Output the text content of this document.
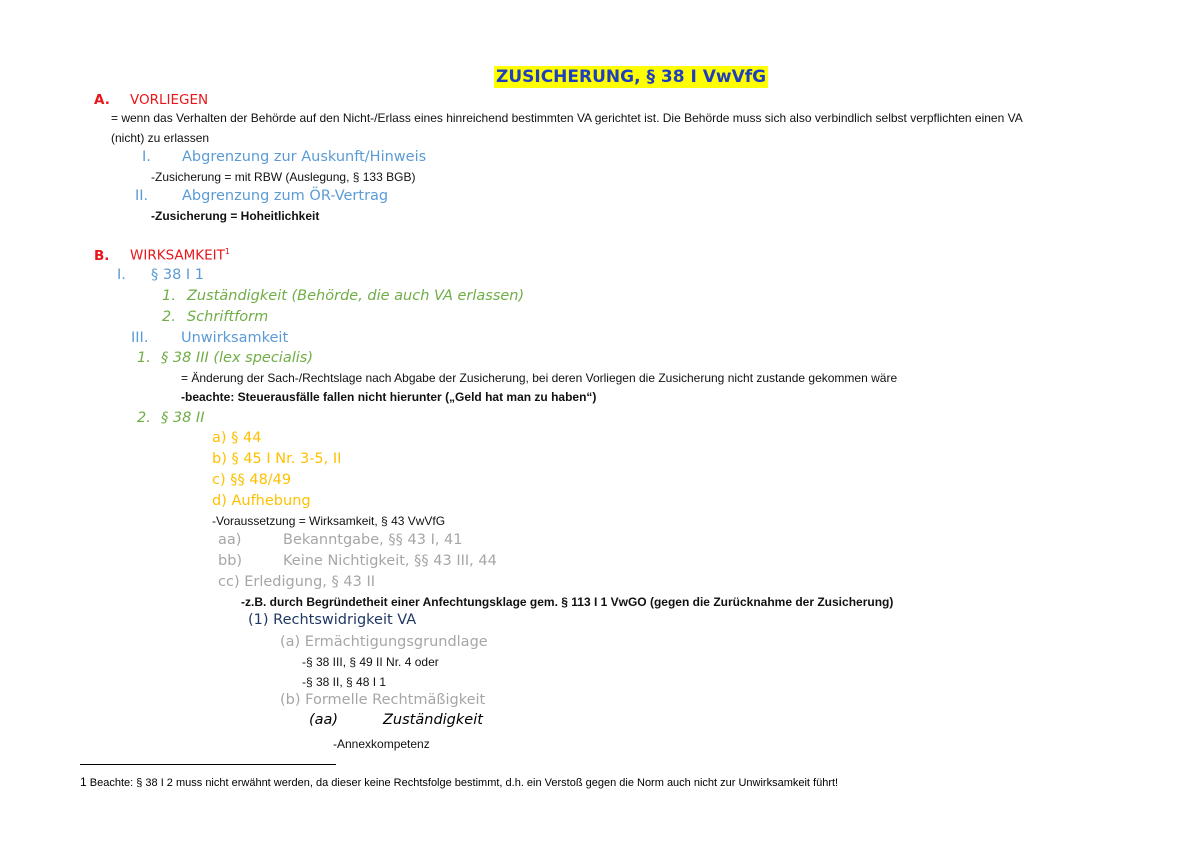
ZUSICHERUNG, § 38 I VwVfG
A. VORLIEGEN
= wenn das Verhalten der Behörde auf den Nicht-/Erlass eines hinreichend bestimmten VA gerichtet ist. Die Behörde muss sich also verbindlich selbst verpflichten einen VA
(nicht) zu erlassen
I. Abgrenzung zur Auskunft/Hinweis
-Zusicherung = mit RBW (Auslegung, § 133 BGB)
II. Abgrenzung zum ÖR-Vertrag
-Zusicherung = Hoheitlichkeit
B. WIRKSAMKEIT$^1$
I. § 38 I 1
1. Zuständigkeit (Behörde, die auch VA erlassen)
2. Schriftform
III. Unwirksamkeit
1. § 38 III (lex specialis)
= Änderung der Sach-/Rechtslage nach Abgabe der Zusicherung, bei deren Vorliegen die Zusicherung nicht zustande gekommen wäre
-beachte: Steuerausfälle fallen nicht hierunter („Geld hat man zu haben“)
2. § 38 II
a) § 44
b) § 45 I Nr. 3-5, II
c) §§ 48/49
d) Aufhebung
-Voraussetzung = Wirksamkeit, § 43 VwVfG
aa)	Bekanntgabe, §§ 43 I, 41
bb)	Keine Nichtigkeit, §§ 43 III, 44
cc) Erledigung, § 43 II
-z.B. durch Begründetheit einer Anfechtungsklage gem. § 113 I 1 VwGO (gegen die Zurücknahme der Zusicherung)
(1) Rechtswidrigkeit VA
(a) Ermächtigungsgrundlage
-§ 38 III, § 49 II Nr. 4 oder
-§ 38 II, § 48 I 1
(b) Formelle Rechtmäßigkeit
(aa)	Zuständigkeit
-Annexkompetenz
1 Beachte: § 38 I 2 muss nicht erwähnt werden, da dieser keine Rechtsfolge bestimmt, d.h. ein Verstoß gegen die Norm auch nicht zur Unwirksamkeit führt!
